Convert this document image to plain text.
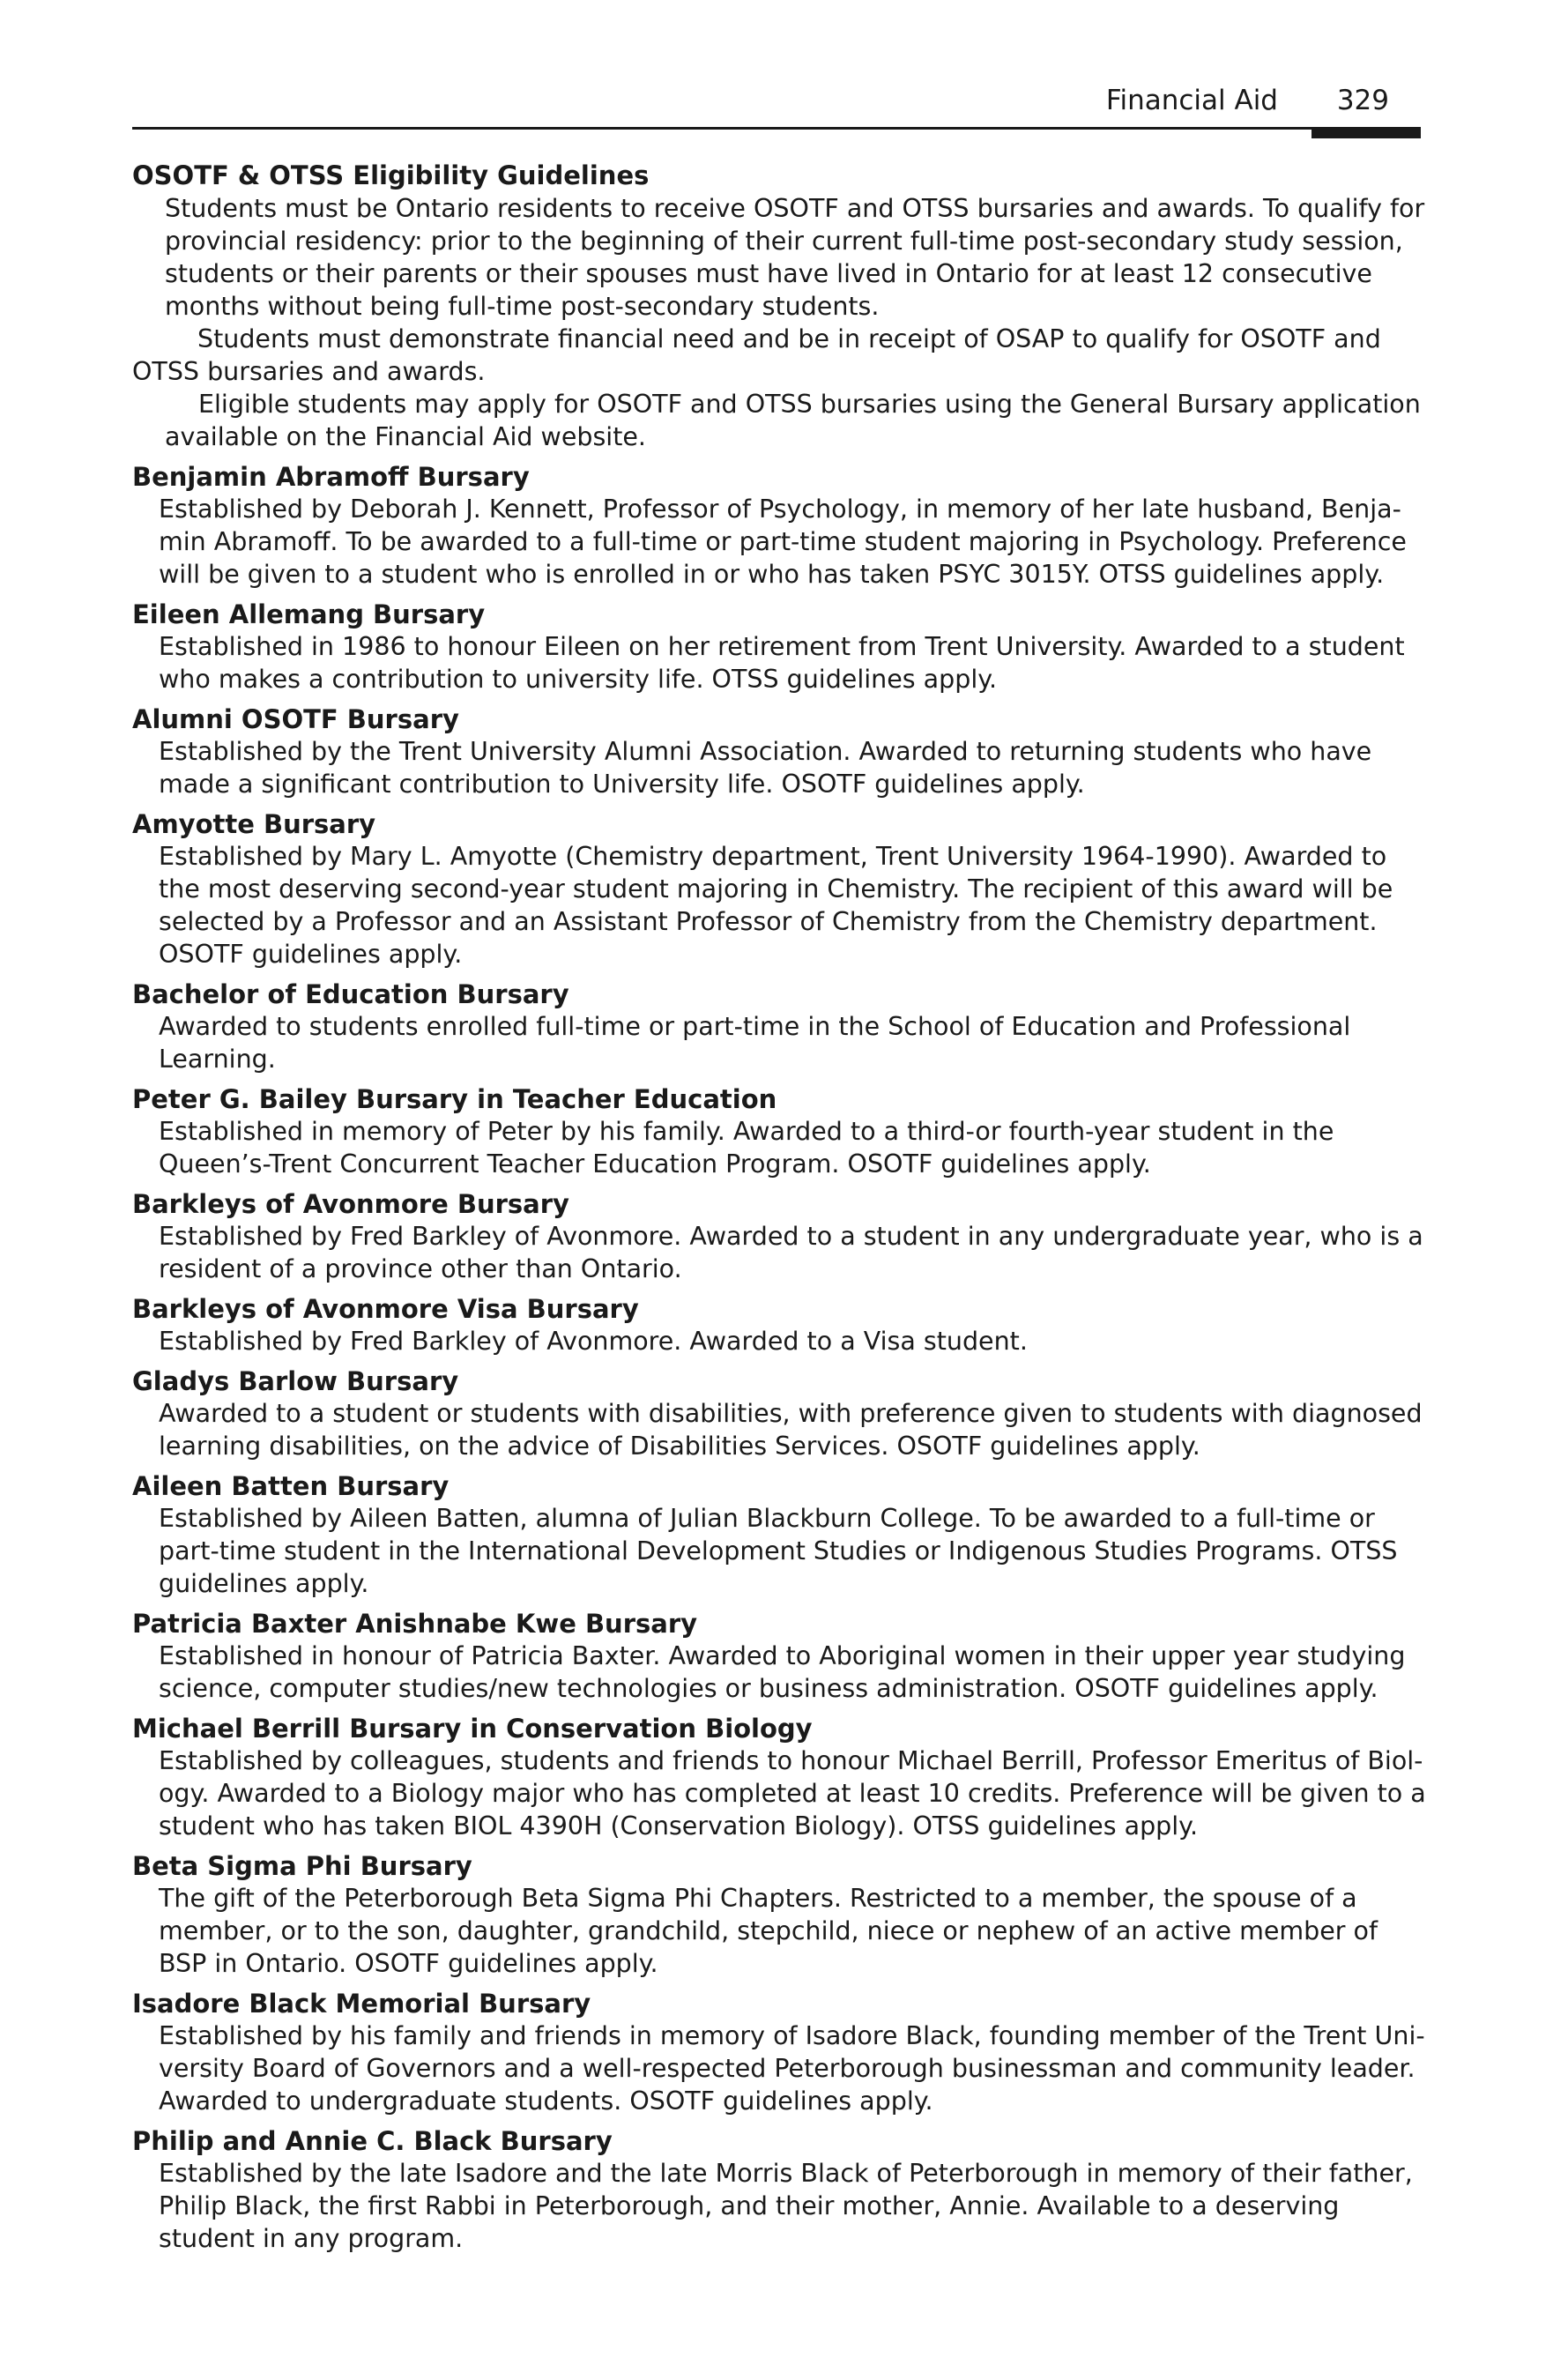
Financial Aid 329
OSOTF & OTSS Eligibility Guidelines
Students must be Ontario residents to receive OSOTF and OTSS bursaries and awards. To qualify for provincial residency: prior to the beginning of their current full-time post-secondary study session, students or their parents or their spouses must have lived in Ontario for at least 12 consecutive months without being full-time post-secondary students.
Students must demonstrate financial need and be in receipt of OSAP to qualify for OSOTF and OTSS bursaries and awards.
Eligible students may apply for OSOTF and OTSS bursaries using the General Bursary application available on the Financial Aid website.
Benjamin Abramoff Bursary
Established by Deborah J. Kennett, Professor of Psychology, in memory of her late husband, Benja-min Abramoff. To be awarded to a full-time or part-time student majoring in Psychology. Preference will be given to a student who is enrolled in or who has taken PSYC 3015Y. OTSS guidelines apply.
Eileen Allemang Bursary
Established in 1986 to honour Eileen on her retirement from Trent University. Awarded to a student who makes a contribution to university life. OTSS guidelines apply.
Alumni OSOTF Bursary
Established by the Trent University Alumni Association. Awarded to returning students who have made a significant contribution to University life. OSOTF guidelines apply.
Amyotte Bursary
Established by Mary L. Amyotte (Chemistry department, Trent University 1964-1990). Awarded to the most deserving second-year student majoring in Chemistry. The recipient of this award will be selected by a Professor and an Assistant Professor of Chemistry from the Chemistry department. OSOTF guidelines apply.
Bachelor of Education Bursary
Awarded to students enrolled full-time or part-time in the School of Education and Professional Learning.
Peter G. Bailey Bursary in Teacher Education
Established in memory of Peter by his family. Awarded to a third-or fourth-year student in the Queen’s-Trent Concurrent Teacher Education Program. OSOTF guidelines apply.
Barkleys of Avonmore Bursary
Established by Fred Barkley of Avonmore. Awarded to a student in any undergraduate year, who is a resident of a province other than Ontario.
Barkleys of Avonmore Visa Bursary
Established by Fred Barkley of Avonmore. Awarded to a Visa student.
Gladys Barlow Bursary
Awarded to a student or students with disabilities, with preference given to students with diagnosed learning disabilities, on the advice of Disabilities Services. OSOTF guidelines apply.
Aileen Batten Bursary
Established by Aileen Batten, alumna of Julian Blackburn College. To be awarded to a full-time or part-time student in the International Development Studies or Indigenous Studies Programs. OTSS guidelines apply.
Patricia Baxter Anishnabe Kwe Bursary
Established in honour of Patricia Baxter. Awarded to Aboriginal women in their upper year studying science, computer studies/new technologies or business administration. OSOTF guidelines apply.
Michael Berrill Bursary in Conservation Biology
Established by colleagues, students and friends to honour Michael Berrill, Professor Emeritus of Biol-ogy. Awarded to a Biology major who has completed at least 10 credits. Preference will be given to a student who has taken BIOL 4390H (Conservation Biology). OTSS guidelines apply.
Beta Sigma Phi Bursary
The gift of the Peterborough Beta Sigma Phi Chapters. Restricted to a member, the spouse of a member, or to the son, daughter, grandchild, stepchild, niece or nephew of an active member of BSP in Ontario. OSOTF guidelines apply.
Isadore Black Memorial Bursary
Established by his family and friends in memory of Isadore Black, founding member of the Trent Uni-versity Board of Governors and a well-respected Peterborough businessman and community leader. Awarded to undergraduate students. OSOTF guidelines apply.
Philip and Annie C. Black Bursary
Established by the late Isadore and the late Morris Black of Peterborough in memory of their father, Philip Black, the first Rabbi in Peterborough, and their mother, Annie. Available to a deserving student in any program.
